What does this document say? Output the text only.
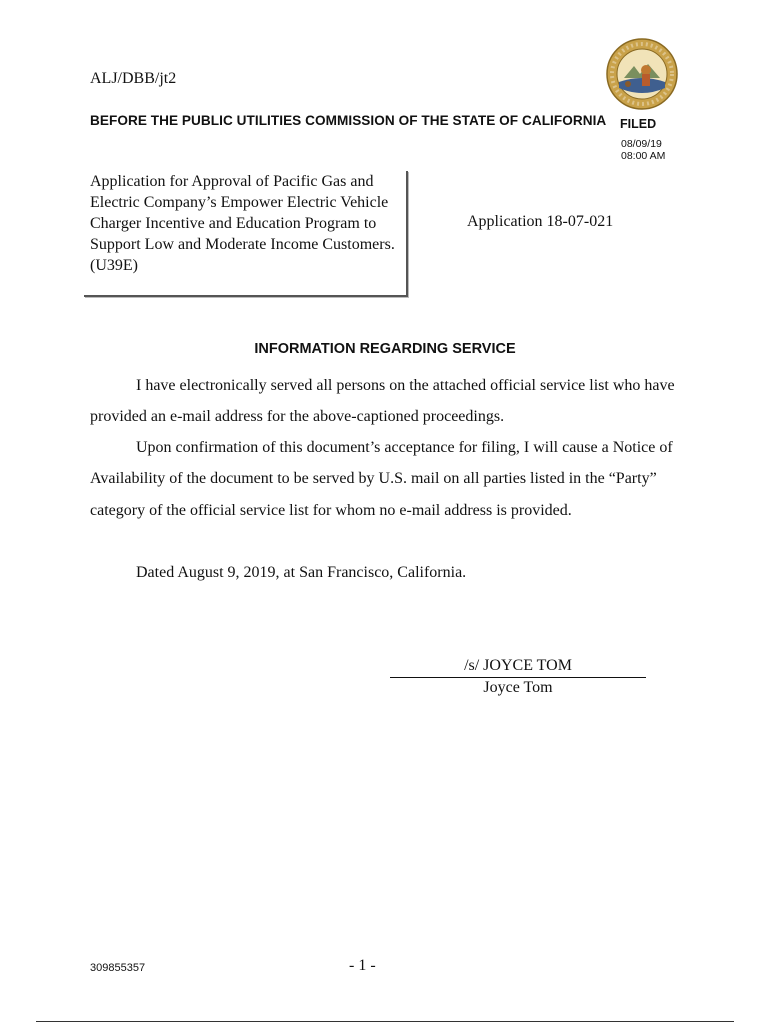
ALJ/DBB/jt2
BEFORE THE PUBLIC UTILITIES COMMISSION OF THE STATE OF CALIFORNIA FILED
08/09/19
08:00 AM

Application for Approval of Pacific Gas and Electric Company’s Empower Electric Vehicle Charger Incentive and Education Program to Support Low and Moderate Income Customers. (U39E)

Application 18-07-021
INFORMATION REGARDING SERVICE

I have electronically served all persons on the attached official service list who have provided an e-mail address for the above-captioned proceedings.

Upon confirmation of this document’s acceptance for filing, I will cause a Notice of Availability of the document to be served by U.S. mail on all parties listed in the “Party” category of the official service list for whom no e-mail address is provided.

Dated August 9, 2019, at San Francisco, California.

/s/ JOYCE TOM
Joyce Tom
309855357	- 1 -
